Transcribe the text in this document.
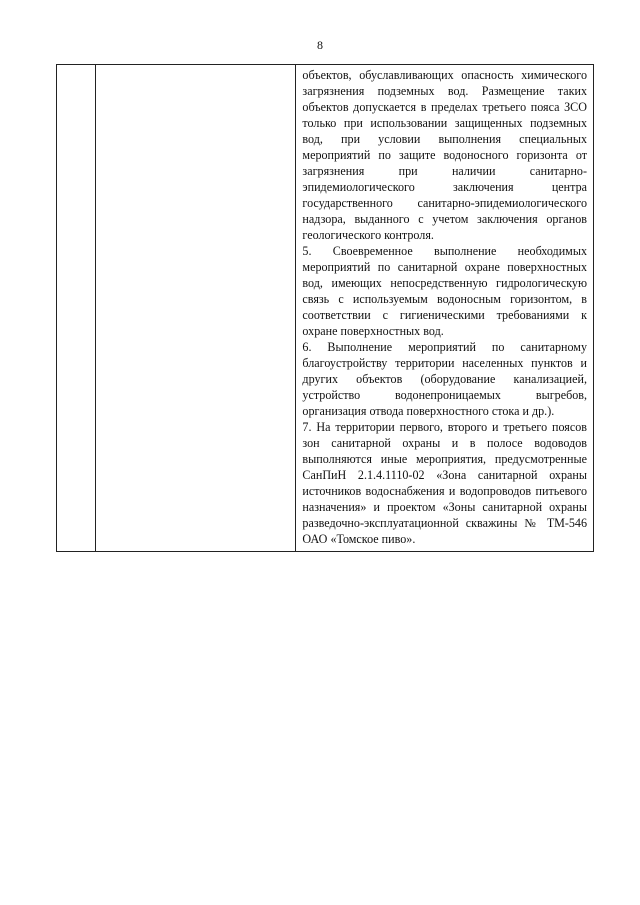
8

объектов, обуславливающих опасность химического загрязнения подземных вод. Размещение таких объектов допускается в пределах третьего пояса ЗСО только при использовании защищенных подземных вод, при условии выполнения специальных мероприятий по защите водоносного горизонта от загрязнения при наличии санитарно-эпидемиологического заключения центра государственного санитарно-эпидемиологического надзора, выданного с учетом заключения органов геологического контроля.

5. Своевременное выполнение необходимых мероприятий по санитарной охране поверхностных вод, имеющих непосредственную гидрологическую связь с используемым водоносным горизонтом, в соответствии с гигиеническими требованиями к охране поверхностных вод.

6. Выполнение мероприятий по санитарному благоустройству территории населенных пунктов и других объектов (оборудование канализацией, устройство водонепроницаемых выгребов, организация отвода поверхностного стока и др.).

7. На территории первого, второго и третьего поясов зон санитарной охраны и в полосе водоводов выполняются иные мероприятия, предусмотренные СанПиН 2.1.4.1110-02 «Зона санитарной охраны источников водоснабжения и водопроводов питьевого назначения» и проектом «Зоны санитарной охраны разведочно-эксплуатационной скважины № ТМ-546 ОАО «Томское пиво».
